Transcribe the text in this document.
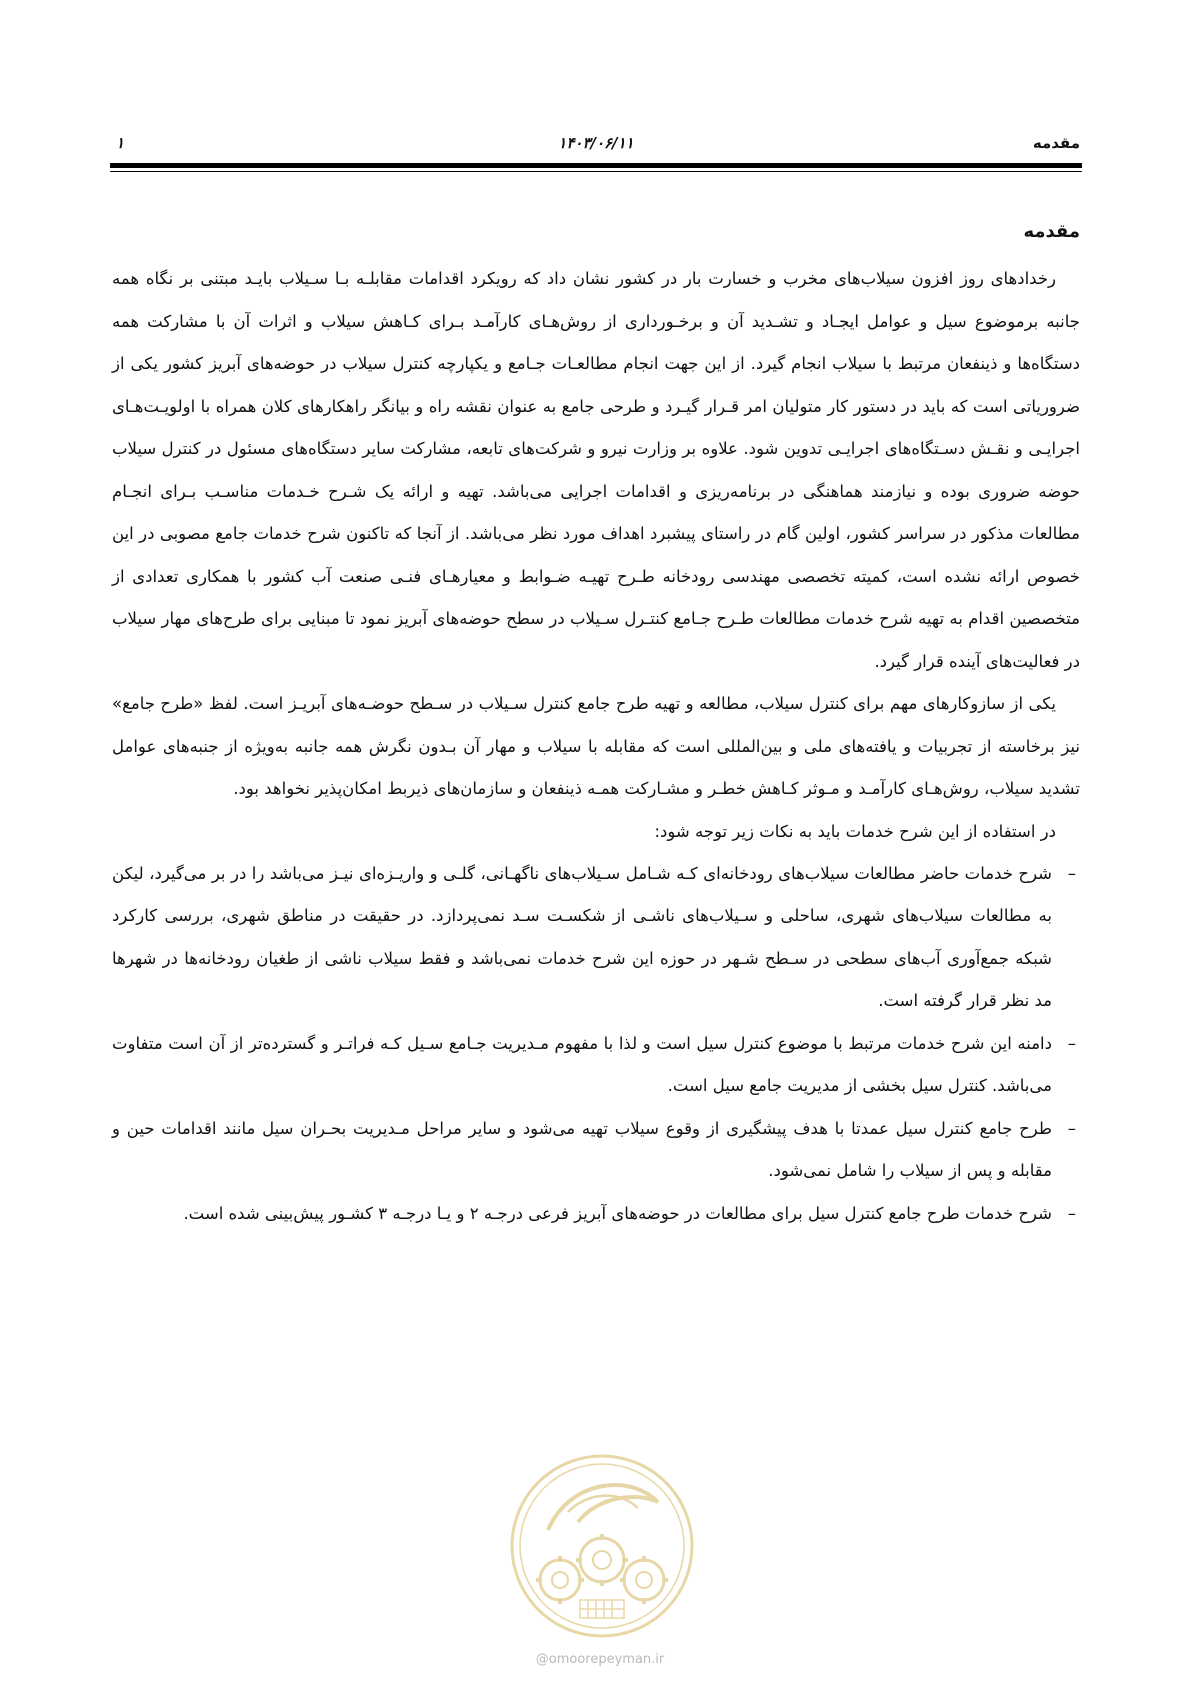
مقدمه
۱۴۰۳/۰۶/۱۱
۱
مقدمه

رخدادهای روز افزون سیلاب‌های مخرب و خسارت بار در کشور نشان داد که رویکرد اقدامات مقابلـه بـا سـیلاب بایـد مبتنی بر نگاه همه جانبه برموضوع سیل و عوامل ایجـاد و تشـدید آن و برخـورداری از روش‌هـای کارآمـد بـرای کـاهش سیلاب و اثرات آن با مشارکت همه دستگاه‌ها و ذینفعان مرتبط با سیلاب انجام گیرد. از این جهت انجام مطالعـات جـامع و یکپارچه کنترل سیلاب در حوضه‌های آبریز کشور یکی از ضروریاتی است که باید در دستور کار متولیان امر قـرار گیـرد و طرحی جامع به عنوان نقشه راه و بیانگر راهکارهای کلان همراه با اولویـت‌هـای اجرایـی و نقـش دسـتگاه‌های اجرایـی تدوین شود. علاوه بر وزارت نیرو و شرکت‌های تابعه، مشارکت سایر دستگاه‌های مسئول در کنترل سیلاب حوضه ضروری بوده و نیازمند هماهنگی در برنامه‌ریزی و اقدامات اجرایی می‌باشد. تهیه و ارائه یک شـرح خـدمات مناسـب بـرای انجـام مطالعات مذکور در سراسر کشور، اولین گام در راستای پیشبرد اهداف مورد نظر می‌باشد. از آنجا که تاکنون شرح خدمات جامع مصوبی در این خصوص ارائه نشده است، کمیته تخصصی مهندسی رودخانه طـرح تهیـه ضـوابط و معیارهـای فنـی صنعت آب کشور با همکاری تعدادی از متخصصین اقدام به تهیه شرح خدمات مطالعات طـرح جـامع کنتـرل سـیلاب در سطح حوضه‌های آبریز نمود تا مبنایی برای طرح‌های مهار سیلاب در فعالیت‌های آینده قرار گیرد.

یکی از سازوکارهای مهم برای کنترل سیلاب، مطالعه و تهیه طرح جامع کنترل سـیلاب در سـطح حوضـه‌های آبریـز است. لفظ «طرح جامع» نیز برخاسته از تجربیات و یافته‌های ملی و بین‌المللی است که مقابله با سیلاب و مهار آن بـدون نگرش همه جانبه به‌ویژه از جنبه‌های عوامل تشدید سیلاب، روش‌هـای کارآمـد و مـوثر کـاهش خطـر و مشـارکت همـه ذینفعان و سازمان‌های ذیربط امکان‌پذیر نخواهد بود.

در استفاده از این شرح خدمات باید به نکات زیر توجه شود:

–
شرح خدمات حاضر مطالعات سیلاب‌های رودخانه‌ای کـه شـامل سـیلاب‌های ناگهـانی، گلـی و واریـزه‌ای نیـز می‌باشد را در بر می‌گیرد، لیکن به مطالعات سیلاب‌های شهری، ساحلی و سـیلاب‌های ناشـی از شکسـت سـد نمی‌پردازد. در حقیقت در مناطق شهری، بررسی کارکرد شبکه جمع‌آوری آب‌های سطحی در سـطح شـهر در حوزه این شرح خدمات نمی‌باشد و فقط سیلاب ناشی از طغیان رودخانه‌ها در شهرها مد نظر قرار گرفته است.
–
دامنه این شرح خدمات مرتبط با موضوع کنترل سیل است و لذا با مفهوم مـدیریت جـامع سـیل کـه فراتـر و گسترده‌تر از آن است متفاوت می‌باشد. کنترل سیل بخشی از مدیریت جامع سیل است.
–
طرح جامع کنترل سیل عمدتا با هدف پیشگیری از وقوع سیلاب تهیه می‌شود و سایر مراحل مـدیریت بحـران سیل مانند اقدامات حین و مقابله و پس از سیلاب را شامل نمی‌شود.
–
شرح خدمات طرح جامع کنترل سیل برای مطالعات در حوضه‌های آبریز فرعی درجـه ۲ و یـا درجـه ۳ کشـور پیش‌بینی شده است.
@omoorepeyman.ir
